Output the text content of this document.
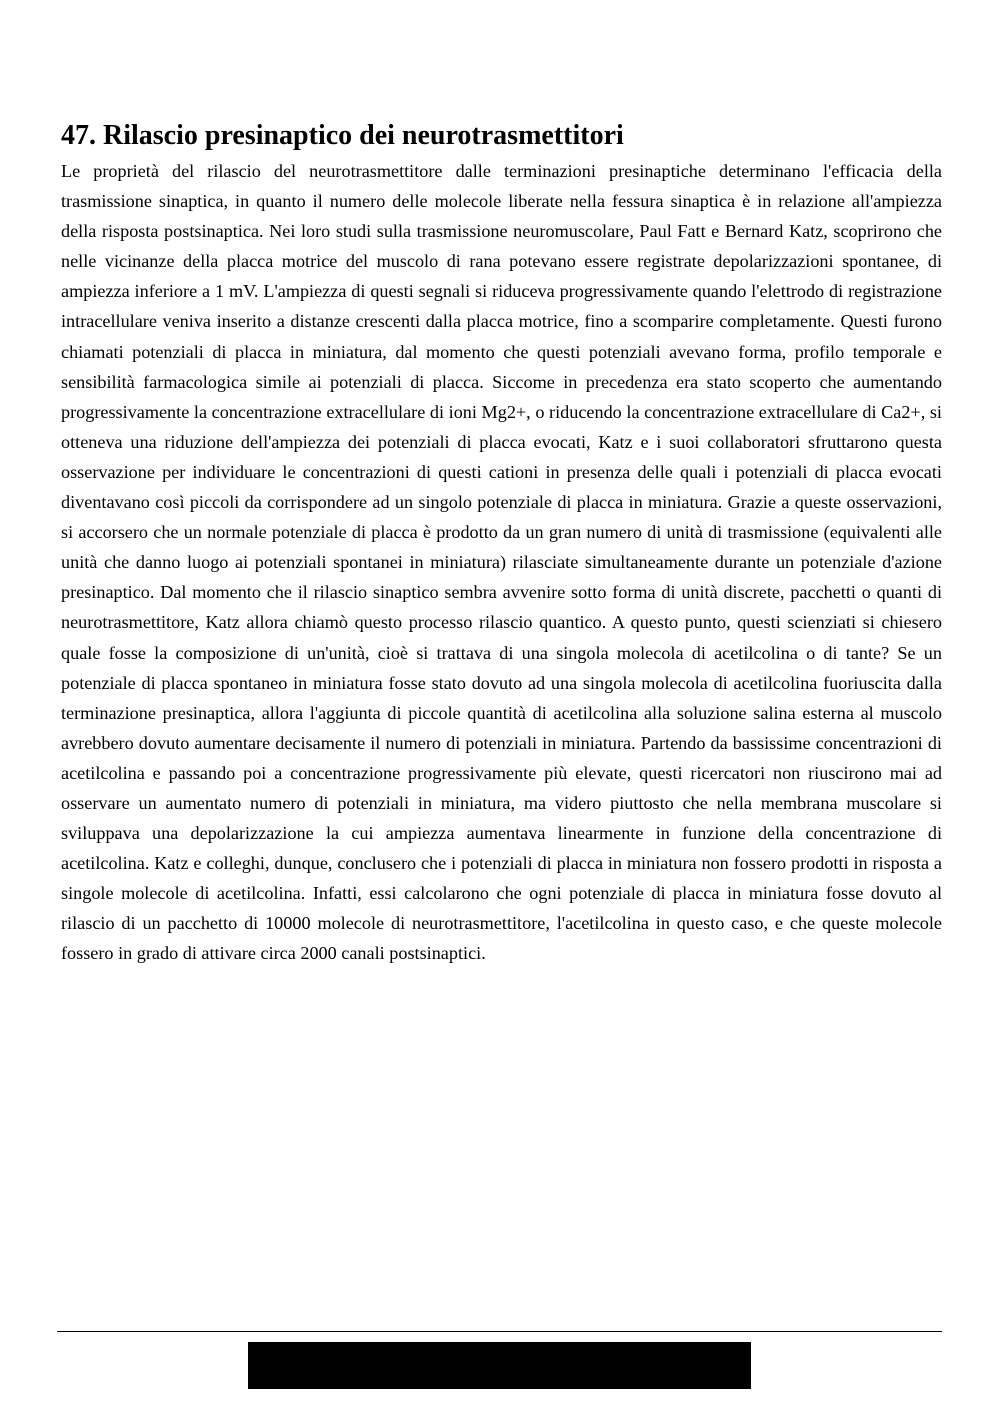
47. Rilascio presinaptico dei neurotrasmettitori

Le proprietà del rilascio del neurotrasmettitore dalle terminazioni presinaptiche determinano l'efficacia della trasmissione sinaptica, in quanto il numero delle molecole liberate nella fessura sinaptica è in relazione all'ampiezza della risposta postsinaptica. Nei loro studi sulla trasmissione neuromuscolare, Paul Fatt e Bernard Katz, scoprirono che nelle vicinanze della placca motrice del muscolo di rana potevano essere registrate depolarizzazioni spontanee, di ampiezza inferiore a 1 mV. L'ampiezza di questi segnali si riduceva progressivamente quando l'elettrodo di registrazione intracellulare veniva inserito a distanze crescenti dalla placca motrice, fino a scomparire completamente. Questi furono chiamati potenziali di placca in miniatura, dal momento che questi potenziali avevano forma, profilo temporale e sensibilità farmacologica simile ai potenziali di placca. Siccome in precedenza era stato scoperto che aumentando progressivamente la concentrazione extracellulare di ioni Mg2+, o riducendo la concentrazione extracellulare di Ca2+, si otteneva una riduzione dell'ampiezza dei potenziali di placca evocati, Katz e i suoi collaboratori sfruttarono questa osservazione per individuare le concentrazioni di questi cationi in presenza delle quali i potenziali di placca evocati diventavano così piccoli da corrispondere ad un singolo potenziale di placca in miniatura. Grazie a queste osservazioni, si accorsero che un normale potenziale di placca è prodotto da un gran numero di unità di trasmissione (equivalenti alle unità che danno luogo ai potenziali spontanei in miniatura) rilasciate simultaneamente durante un potenziale d'azione presinaptico. Dal momento che il rilascio sinaptico sembra avvenire sotto forma di unità discrete, pacchetti o quanti di neurotrasmettitore, Katz allora chiamò questo processo rilascio quantico. A questo punto, questi scienziati si chiesero quale fosse la composizione di un'unità, cioè si trattava di una singola molecola di acetilcolina o di tante? Se un potenziale di placca spontaneo in miniatura fosse stato dovuto ad una singola molecola di acetilcolina fuoriuscita dalla terminazione presinaptica, allora l'aggiunta di piccole quantità di acetilcolina alla soluzione salina esterna al muscolo avrebbero dovuto aumentare decisamente il numero di potenziali in miniatura. Partendo da bassissime concentrazioni di acetilcolina e passando poi a concentrazione progressivamente più elevate, questi ricercatori non riuscirono mai ad osservare un aumentato numero di potenziali in miniatura, ma videro piuttosto che nella membrana muscolare si sviluppava una depolarizzazione la cui ampiezza aumentava linearmente in funzione della concentrazione di acetilcolina. Katz e colleghi, dunque, conclusero che i potenziali di placca in miniatura non fossero prodotti in risposta a singole molecole di acetilcolina. Infatti, essi calcolarono che ogni potenziale di placca in miniatura fosse dovuto al rilascio di un pacchetto di 10000 molecole di neurotrasmettitore, l'acetilcolina in questo caso, e che queste molecole fossero in grado di attivare circa 2000 canali postsinaptici.
